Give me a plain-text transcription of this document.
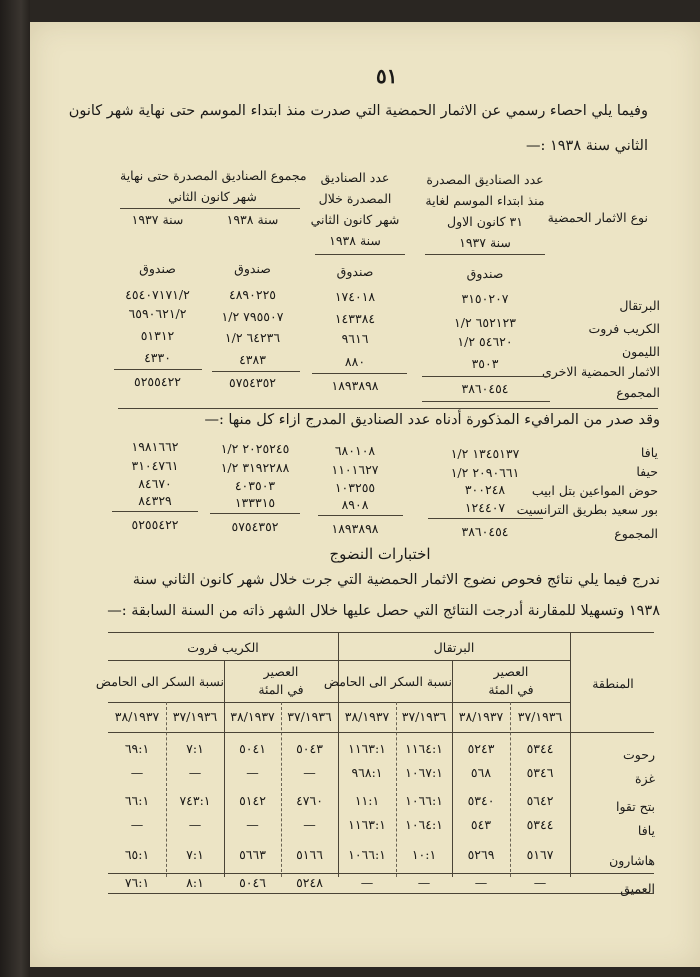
٥١
وفيما يلي احصاء رسمي عن الاثمار الحمضية التي صدرت منذ ابتداء الموسم حتى نهاية شهر كانون
الثاني سنة ١٩٣٨ :—
نوع الاثمار الحمضية
عدد الصناديق المصدرة
منذ ابتداء الموسم لغاية
٣١ كانون الاول
سنة ١٩٣٧
عدد الصناديق
المصدرة خلال
شهر كانون الثاني
سنة ١٩٣٨
مجموع الصناديق المصدرة حتى نهاية
شهر كانون الثاني
سنة ١٩٣٨
سنة ١٩٣٧
صندوق
صندوق
صندوق
صندوق
البرتقال
٣١٥٠٢٠٧
١٧٤٠١٨
٤٨٩٠٢٢٥
٤٥٤٠٧١٧١/٢
الكريب فروت
٦٥٢١٢٣ ١/٢
١٤٣٣٨٤
٧٩٥٥٠٧ ١/٢
٦٥٩٠٦٢١/٢
الليمون
٥٤٦٢٠ ١/٢
٩٦١٦
٦٤٢٣٦ ١/٢
٥١٣١٢
الاثمار الحمضية الاخرى
٣٥٠٣
٨٨٠
٤٣٨٣
٤٣٣٠
المجموع
٣٨٦٠٤٥٤
١٨٩٣٨٩٨
٥٧٥٤٣٥٢
٥٢٥٥٤٢٢
وقد صدر من المرافيء المذكورة أدناه عدد الصناديق المدرج ازاء كل منها :—
يافا
١٣٤٥١٣٧ ١/٢
٦٨٠١٠٨
٢٠٢٥٢٤٥ ١/٢
١٩٨١٦٦٢
حيفا
٢٠٩٠٦٦١ ١/٢
١١٠١٦٢٧
٣١٩٢٢٨٨ ١/٢
٣١٠٤٧٦١
حوض المواعين بتل ابيب
٣٠٠٢٤٨
١٠٣٢٥٥
٤٠٣٥٠٣
٨٤٦٧٠
بور سعيد بطريق الترانسيت
١٢٤٤٠٧
٨٩٠٨
١٣٣٣١٥
٨٤٣٢٩
المجموع
٣٨٦٠٤٥٤
١٨٩٣٨٩٨
٥٧٥٤٣٥٢
٥٢٥٥٤٢٢
اختبارات النضوج
ندرج فيما يلي نتائج فحوص نضوج الاثمار الحمضية التي جرت خلال شهر كانون الثاني سنة
١٩٣٨ وتسهيلا للمقارنة أدرجت النتائج التي حصل عليها خلال الشهر ذاته من السنة السابقة :—
المنطقة
البرتقال
الكريب فروت
العصير
في المئة
نسبة السكر الى الحامض
العصير
في المئة
نسبة السكر الى الحامض
٣٧/١٩٣٦
٣٨/١٩٣٧
٣٧/١٩٣٦
٣٨/١٩٣٧
٣٧/١٩٣٦
٣٨/١٩٣٧
٣٧/١٩٣٦
٣٨/١٩٣٧
رحوت
٥٣٤٤
٥٢٤٣
١١٦٤:١
١١٦٣:١
٥٠٤٣
٥٠٤١
٧:١
٦٩:١
غزة
٥٣٤٦
٥٦٨
١٠٦٧:١
٩٦٨:١
—
—
—
—
بتح تقوا
٥٦٤٢
٥٣٤٠
١٠٦٦:١
١١:١
٤٧٦٠
٥١٤٢
٧٤٣:١
٦٦:١
يافا
٥٣٤٤
٥٤٣
١٠٦٤:١
١١٦٣:١
—
—
—
—
هاشارون
٥١٦٧
٥٢٦٩
١٠:١
١٠٦٦:١
٥١٦٦
٥٦٦٣
٧:١
٦٥:١
العميق
—
—
—
—
٥٢٤٨
٥٠٤٦
٨:١
٧٦:١
